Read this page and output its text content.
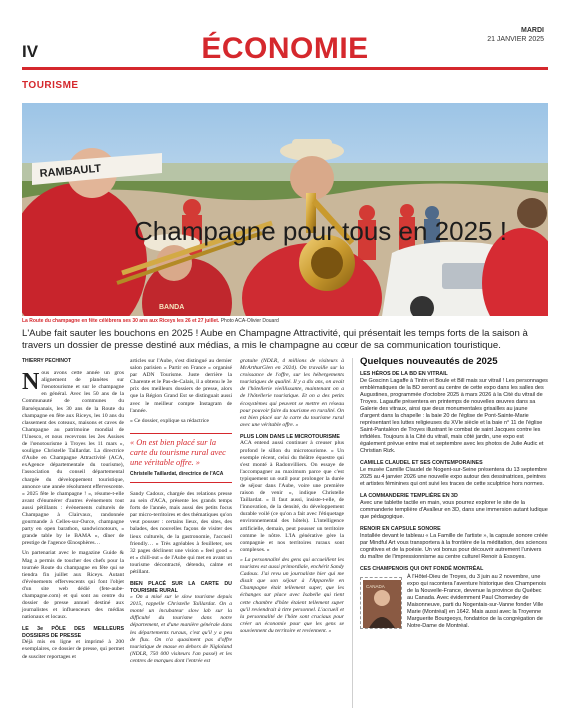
IV	ÉCONOMIE
MARDI
21 JANVIER 2025
TOURISME
RAMBAULT
BANDA
Champagne pour tous en 2025 !
La Route du champagne en fête célébrera ses 30 ans aux Riceys les 26 et 27 juillet. Photo ACA-Olivier Douard
L'Aube fait sauter les bouchons en 2025 ! Aube en Champagne Attractivité, qui présentait les temps forts de la saison à travers un dossier de presse destiné aux médias, a mis le champagne au cœur de sa communication touristique.
THIERRY PECHINOT

N ous avons cette année un gros alignement de planètes sur l'œnotourisme et sur le champagne en général. Avec les 50 ans de la Communauté de communes du Barséquanais, les 30 ans de la Route du champagne en fête aux Riceys, les 10 ans du classement des coteaux, maisons et caves de Champagne au patrimoine mondial de l'Unesco, et nous recevrons les 2es Assises de l'œnotourisme à Troyes les 11 mars », souligne Christelle Taillardat. La directrice d'Aube en Champagne Attractivité (ACA, exAgence départementale du tourisme), l'association du conseil départemental chargée du développement touristique, annonce une année résolument effervescente. « 2025 fête le champagne ! », résume-t-elle avant d'énumérer d'autres événements tout aussi pétillants : évènements culturels de Champagne à Clairvaux, randonnée gourmande à Celles-sur-Ource, champagne party en open barathon, sandwicnotours, « grande table by le BAMA », dîner de prestige de l'agence Œnosphères…

Un partenariat avec le magazine Guide & Mag a permis de toucher des chefs pour la tournée Route du champagne en fête qui se tiendra fin juillet aux Riceys. Autant d'évènements effervescents qui font l'objet d'un site web dédié (fete-aube-champagne.com) et qui sont au centre du dossier de presse annuel destiné aux journalistes et influenceurs des médias nationaux et locaux.

LE 3e PÔLE DES MEILLEURS DOSSIERS DE PRESSE

Déjà mis en ligne et imprimé à 200 exemplaires, ce dossier de presse, qui permet de susciter reportages et

articles sur l'Aube, s'est distingué au dernier salon parisien « Partir en France » organisé par ADN Tourisme. Juste derrière la Charente et le Pas-de-Calais, il a obtenu le 3e prix des meilleurs dossiers de presse, alors que la Région Grand Est se distinguait aussi avec le meilleur compte Instagram de l'année.

« Ce dossier, explique sa rédactrice

« On est bien placé sur la carte du tourisme rural avec une véritable offre. »
Christelle Taillardat, directrice de l'ACA

Sandy Cadoux, chargée des relations presse au sein d'ACA, présente les grands temps forts de l'année, mais aussi des petits focus par micro-territoires et des thématiques qu'on veut pousser : certains lieux, des sites, des balades, des nouvelles façons de visiter des lieux culturels, de la gastronomie, l'accueil friendly… » Très agréables à feuilleter, ses 32 pages déclinent une vision « feel good » et « chill-out » de l'Aube qui met en avant un tourisme décontracté, détendu, calme et pétillant.

BIEN PLACÉ SUR LA CARTE DU TOURISME RURAL

« On a misé sur le slow tourisme depuis 2015, rappelle Christelle Taillardat. On a monté un incubateur slow lab sur la difficulté du tourisme dans notre département, et d'une manière générale dans les départements ruraux, c'est qu'il y a peu de flux. On n'a quasiment pas d'offre touristique de masse en dehors de Nigloland (NDLR, 750 000 visiteurs l'an passé) et les centres de marques dont l'entrée est

gratuite (NDLR, 4 millions de visiteurs à McArthurGlen en 2024). On travaille sur la croissance de l'offre, sur les hébergements touristiques de qualité. Il y a dix ans, on avait de l'hôtellerie vieillissante, maintenant on a de l'hôtellerie touristique. Et on a des petits écosystèmes qui peuvent se mettre en réseau pour pouvoir faire du tourisme en ruralité. On est bien placé sur la carte du tourisme rural avec une véritable offre. »

PLUS LOIN DANS LE MICROTOURISME

ACA entend aussi continuer à creuser plus profond le sillon du microtourisme. « Un exemple récent, celui du théâtre équestre qui s'est monté à Radonvilliers. On essaye de l'accompagner au maximum parce que c'est typiquement un outil pour prolonger la durée de séjour dans l'Aube, voire une première raison de venir », indique Christelle Taillardat. « Il faut aussi, insiste-t-elle, de l'innovation, de la densité, du développement durable voilé (ce qu'on a fait avec l'étiquetage environnemental des hôtels). L'intelligence artificielle, demain, peut pousser un territoire comme le nôtre. L'IA générative gère la compagnie et nos territoires ruraux sont complexes. »

« La personnalité des gens qui accueillent les touristes est aussi primordiale, enchérit Sandy Cadoux. J'ai revu un journaliste hier qui me disait que son séjour à l'Apparelle en Champagne était tellement super, que les échanges sur place avec Isabelle qui tient cette chambre d'hôte étaient tellement super qu'il reviendrait à titre personnel. L'accueil et la personnalité de l'hôte sont cruciaux pour créer un économie pour que les gens se souviennent du territoire et reviennent. »

Quelques nouveautés de 2025
LES HÉROS DE LA BD EN VITRAIL

De Goscinn Lagaffe à Tintin et Boule et Bill mais sur vitrail ! Les personnages emblématiques de la BD seront au centre de cette expo dans les salles des Augustines, programmée d'octobre 2025 à mars 2026 à la Cité du vitrail de Troyes. Lagaufle présentera en printemps de nouvelles œuvres dans sa Galerie des vitraux, ainsi que deux monumentales grisailles au jaune d'argent dans la chapelle : la baie 20 de l'église de Pont-Sainte-Marie représentant les luttes religieuses du XVIe siècle et la baie n° 11 de l'église Saint-Pantaléon de Troyes illustrant le combat de saint Jacques contre les infidèles. Toujours à la Cité du vitrail, mais côté jardin, une expo est également prévue entre mai et septembre avec les photos de Julie Audic et Christian Rizk.

CAMILLE CLAUDEL ET SES CONTEMPORAINES

Le musée Camille Claudel de Nogent-sur-Seine présentera du 13 septembre 2025 au 4 janvier 2026 une nouvelle expo autour des dessinatrices, peintres et artistes féminines qui ont suivi les traces de cette sculptrice hors normes.

LA COMMANDERIE TEMPLIÈRE EN 3D

Avec une tablette tactile en main, vous pourrez explorer le site de la commanderie templière d'Avalleur en 3D, dans une immersion autant ludique que pédagogique.

RENOIR EN CAPSULE SONORE

Installée devant le tableau « La Famille de l'artiste », la capsule sonore créée par Mindful Art vous transportera à la frontière de la méditation, des sciences cognitives et de la poésie. Un voi bonus pour découvrir autrement l'univers du maître de l'impressionnisme au centre culturel Renoir à Essoyes.

CES CHAMPENOIS QUI ONT FONDÉ MONTRÉAL
CANADA

À l'Hôtel-Dieu de Troyes, du 3 juin au 2 novembre, une expo qui racontera l'aventure historique des Champenois de la Nouvelle-France, devenue la province du Québec au Canada. Avec évidemment Paul Chomedey de Maisonneuve, parti du Nogentais-sur-Vanne fonder Ville Marie (Montréal) en 1642. Mais aussi avec la Troyenne Marguerite Bourgeoys, fondatrice de la congrégation de Notre-Dame de Montréal.
